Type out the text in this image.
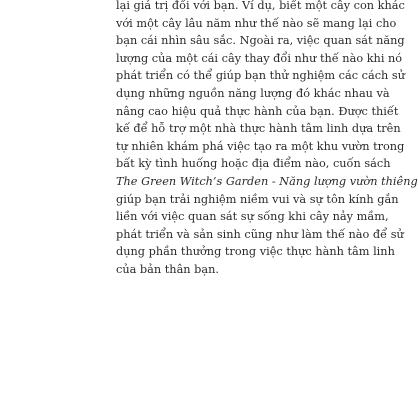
lại giá trị đối với bạn. Ví dụ, biết một cây con khác
với một cây lâu năm như thế nào sẽ mang lại cho
bạn cái nhìn sâu sắc. Ngoài ra, việc quan sát năng
lượng của một cái cây thay đổi như thế nào khi nó
phát triển có thể giúp bạn thử nghiệm các cách sử
dụng những nguồn năng lượng đó khác nhau và
nâng cao hiệu quả thực hành của bạn. Được thiết
kế để hỗ trợ một nhà thực hành tâm linh dựa trên
tự nhiên khám phá việc tạo ra một khu vườn trong
bất kỳ tình huống hoặc địa điểm nào, cuốn sách
The Green Witch’s Garden - Năng lượng vườn thiêng
giúp bạn trải nghiệm niềm vui và sự tôn kính gắn
liền với việc quan sát sự sống khi cây nảy mầm,
phát triển và sản sinh cũng như làm thế nào để sử
dụng phần thưởng trong việc thực hành tâm linh
của bản thân bạn.
